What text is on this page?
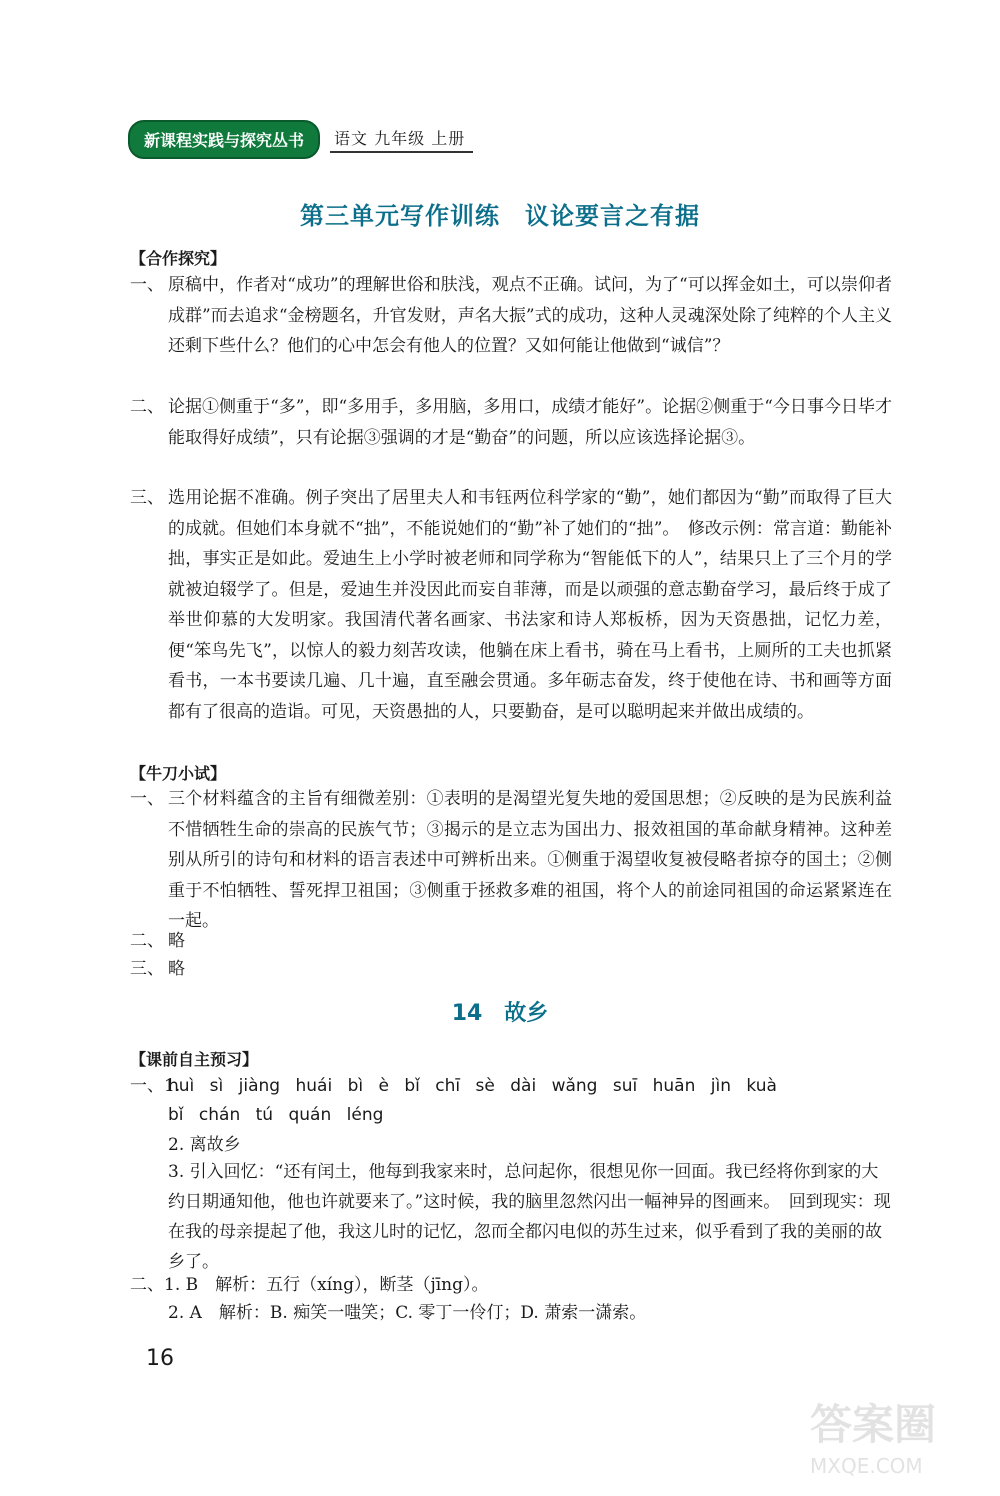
新课程实践与探究丛书	语文 九年级 上册
第三单元写作训练　议论要言之有据
【合作探究】
一、 原稿中，作者对“成功”的理解世俗和肤浅，观点不正确。试问，为了“可以挥金如土，可以崇仰者成群”而去追求“金榜题名，升官发财，声名大振”式的成功，这种人灵魂深处除了纯粹的个人主义还剩下些什么？他们的心中怎会有他人的位置？又如何能让他做到“诚信”？
二、 论据①侧重于“多”，即“多用手，多用脑，多用口，成绩才能好”。论据②侧重于“今日事今日毕才能取得好成绩”，只有论据③强调的才是“勤奋”的问题，所以应该选择论据③。
三、 选用论据不准确。例子突出了居里夫人和韦钰两位科学家的“勤”，她们都因为“勤”而取得了巨大的成就。但她们本身就不“拙”，不能说她们的“勤”补了她们的“拙”。　修改示例：常言道：勤能补拙，事实正是如此。爱迪生上小学时被老师和同学称为“智能低下的人”，结果只上了三个月的学就被迫辍学了。但是，爱迪生并没因此而妄自菲薄，而是以顽强的意志勤奋学习，最后终于成了举世仰慕的大发明家。我国清代著名画家、书法家和诗人郑板桥，因为天资愚拙，记忆力差，便“笨鸟先飞”，以惊人的毅力刻苦攻读，他躺在床上看书，骑在马上看书，上厕所的工夫也抓紧看书，一本书要读几遍、几十遍，直至融会贯通。多年砺志奋发，终于使他在诗、书和画等方面都有了很高的造诣。可见，天资愚拙的人，只要勤奋，是可以聪明起来并做出成绩的。
【牛刀小试】
一、 三个材料蕴含的主旨有细微差别：①表明的是渴望光复失地的爱国思想；②反映的是为民族利益不惜牺牲生命的崇高的民族气节；③揭示的是立志为国出力、报效祖国的革命献身精神。这种差别从所引的诗句和材料的语言表述中可辨析出来。①侧重于渴望收复被侵略者掠夺的国土；②侧重于不怕牺牲、誓死捍卫祖国；③侧重于拯救多难的祖国，将个人的前途同祖国的命运紧紧连在一起。
二、 略
三、 略
14　故乡
【课前自主预习】
一、1.
huì sì jiàng huái bì è bǐ chī sè dài wǎng suī huān jìn kuà
bǐ chán tú quán léng
2. 离故乡
3. 引入回忆：“还有闰土，他每到我家来时，总问起你，很想见你一回面。我已经将你到家的大约日期通知他，他也许就要来了。”这时候，我的脑里忽然闪出一幅神异的图画来。　回到现实：现在我的母亲提起了他，我这儿时的记忆，忽而全都闪电似的苏生过来，似乎看到了我的美丽的故乡了。
二、1. B　解析：五行（xíng），断茎（jīng）。
2. A　解析：B. 痴笑一嗤笑；C. 零丁一伶仃；D. 萧索一潇索。
16
答案圈
MXQE.COM
